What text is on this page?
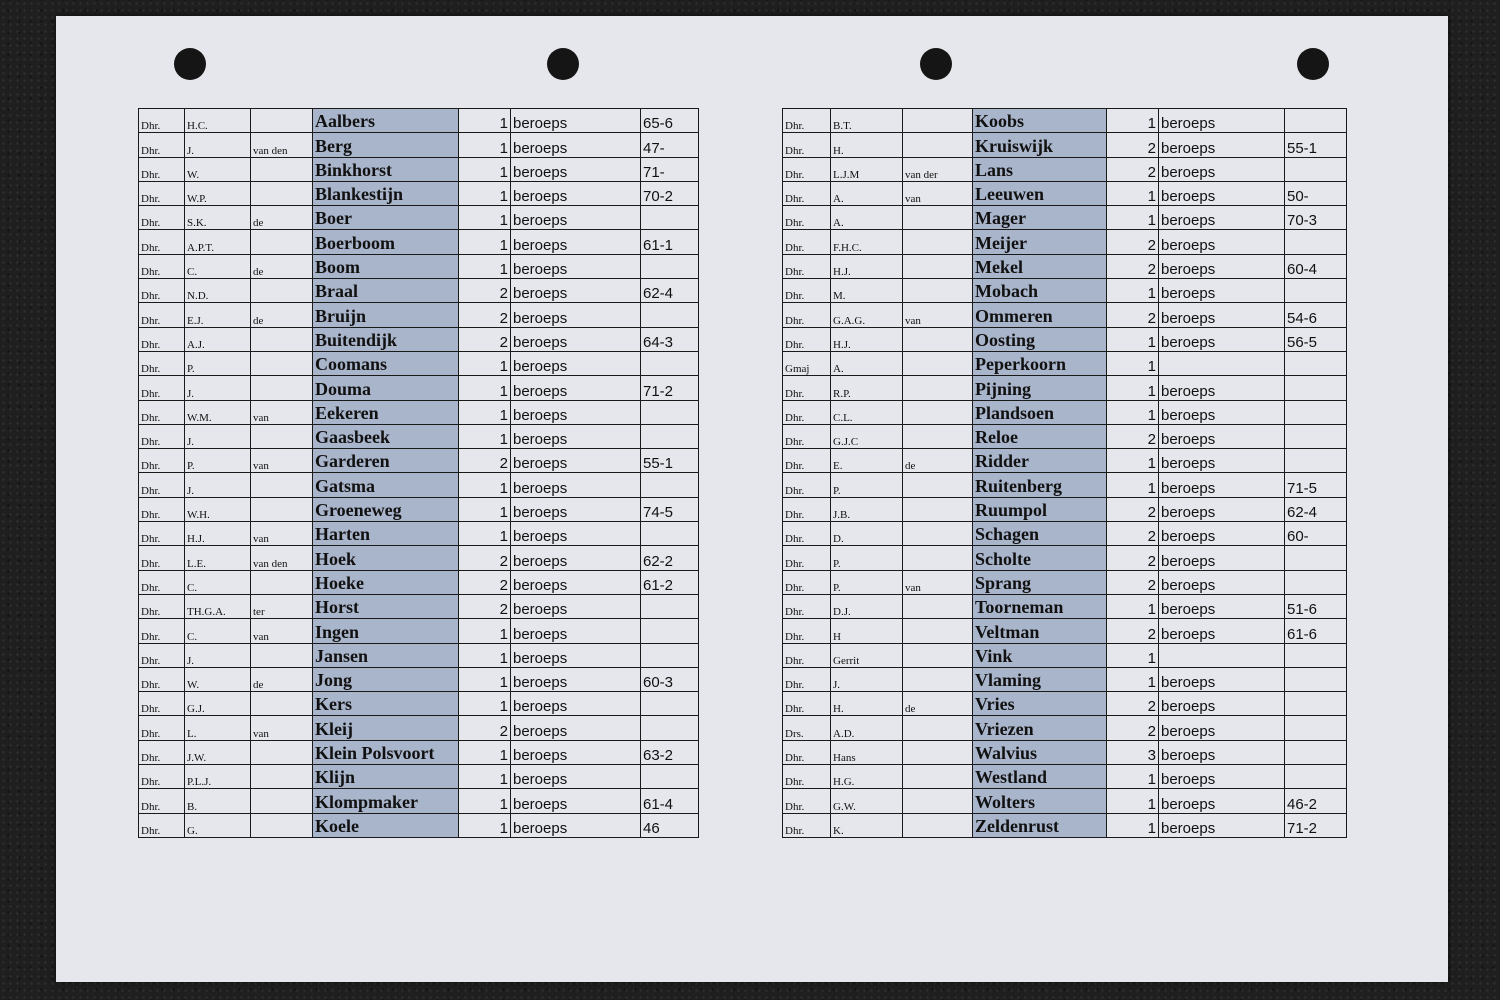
Dhr.	H.C.		Aalbers	1	beroeps	65-6
Dhr.	J.	van den	Berg	1	beroeps	47-
Dhr.	W.		Binkhorst	1	beroeps	71-
Dhr.	W.P.		Blankestijn	1	beroeps	70-2
Dhr.	S.K.	de	Boer	1	beroeps	
Dhr.	A.P.T.		Boerboom	1	beroeps	61-1
Dhr.	C.	de	Boom	1	beroeps	
Dhr.	N.D.		Braal	2	beroeps	62-4
Dhr.	E.J.	de	Bruijn	2	beroeps	
Dhr.	A.J.		Buitendijk	2	beroeps	64-3
Dhr.	P.		Coomans	1	beroeps	
Dhr.	J.		Douma	1	beroeps	71-2
Dhr.	W.M.	van	Eekeren	1	beroeps	
Dhr.	J.		Gaasbeek	1	beroeps	
Dhr.	P.	van	Garderen	2	beroeps	55-1
Dhr.	J.		Gatsma	1	beroeps	
Dhr.	W.H.		Groeneweg	1	beroeps	74-5
Dhr.	H.J.	van	Harten	1	beroeps	
Dhr.	L.E.	van den	Hoek	2	beroeps	62-2
Dhr.	C.		Hoeke	2	beroeps	61-2
Dhr.	TH.G.A.	ter	Horst	2	beroeps	
Dhr.	C.	van	Ingen	1	beroeps	
Dhr.	J.		Jansen	1	beroeps	
Dhr.	W.	de	Jong	1	beroeps	60-3
Dhr.	G.J.		Kers	1	beroeps	
Dhr.	L.	van	Kleij	2	beroeps	
Dhr.	J.W.		Klein Polsvoort	1	beroeps	63-2
Dhr.	P.L.J.		Klijn	1	beroeps	
Dhr.	B.		Klompmaker	1	beroeps	61-4
Dhr.	G.		Koele	1	beroeps	46
Dhr.	B.T.		Koobs	1	beroeps	
Dhr.	H.		Kruiswijk	2	beroeps	55-1
Dhr.	L.J.M	van der	Lans	2	beroeps	
Dhr.	A.	van	Leeuwen	1	beroeps	50-
Dhr.	A.		Mager	1	beroeps	70-3
Dhr.	F.H.C.		Meijer	2	beroeps	
Dhr.	H.J.		Mekel	2	beroeps	60-4
Dhr.	M.		Mobach	1	beroeps	
Dhr.	G.A.G.	van	Ommeren	2	beroeps	54-6
Dhr.	H.J.		Oosting	1	beroeps	56-5
Gmaj	A.		Peperkoorn	1		
Dhr.	R.P.		Pijning	1	beroeps	
Dhr.	C.L.		Plandsoen	1	beroeps	
Dhr.	G.J.C		Reloe	2	beroeps	
Dhr.	E.	de	Ridder	1	beroeps	
Dhr.	P.		Ruitenberg	1	beroeps	71-5
Dhr.	J.B.		Ruumpol	2	beroeps	62-4
Dhr.	D.		Schagen	2	beroeps	60-
Dhr.	P.		Scholte	2	beroeps	
Dhr.	P.	van	Sprang	2	beroeps	
Dhr.	D.J.		Toorneman	1	beroeps	51-6
Dhr.	H		Veltman	2	beroeps	61-6
Dhr.	Gerrit		Vink	1		
Dhr.	J.		Vlaming	1	beroeps	
Dhr.	H.	de	Vries	2	beroeps	
Drs.	A.D.		Vriezen	2	beroeps	
Dhr.	Hans		Walvius	3	beroeps	
Dhr.	H.G.		Westland	1	beroeps	
Dhr.	G.W.		Wolters	1	beroeps	46-2
Dhr.	K.		Zeldenrust	1	beroeps	71-2
